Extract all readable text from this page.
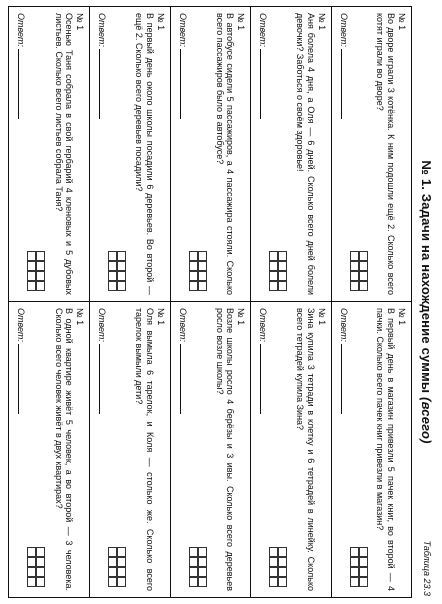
№ 1. Задачи на нахождение суммы (всего)
Таблица 23.3
№ 1
Во дворе играли 3 котёнка. К ним подошли ещё 2. Сколько всего котят играли во дворе?
Ответ:
№ 1
В первый день в магазин привезли 5 пачек книг, во второй — 4 пачки. Сколько всего пачек книг привезли в магазин?
Ответ:
№ 1
Аня болела 4 дня, а Оля — 6 дней. Сколько всего дней болели девочки? Заботься о своём здоровье!
Ответ:
№ 1
Зина купила 3 тетради в клетку и 6 тетрадей в линейку. Сколько всего тетрадей купила Зина?
Ответ:
№ 1
В автобусе сидели 5 пассажиров, а 4 пассажира стояли. Сколько всего пассажиров было в автобусе?
Ответ:
№ 1
Возле школы росло 4 берёзы и 3 ивы. Сколько всего деревьев росло возле школы?
Ответ:
№ 1
В первый день около школы посадили 6 деревьев. Во второй — ещё 2. Сколько всего деревьев посадили?
Ответ:
№ 1
Оля вымыла 6 тарелок, и Коля — столько же. Сколько всего тарелок вымыли дети?
Ответ:
№ 1
Осенью Таня собрала в свой гербарий 4 кленовых и 5 дубовых листьев. Сколько всего листьев собрала Таня?
Ответ:
№ 1
В одной квартире живёт 5 человек, а во второй — 3 человека. Сколько всего человек живёт в двух квартирах?
Ответ:
